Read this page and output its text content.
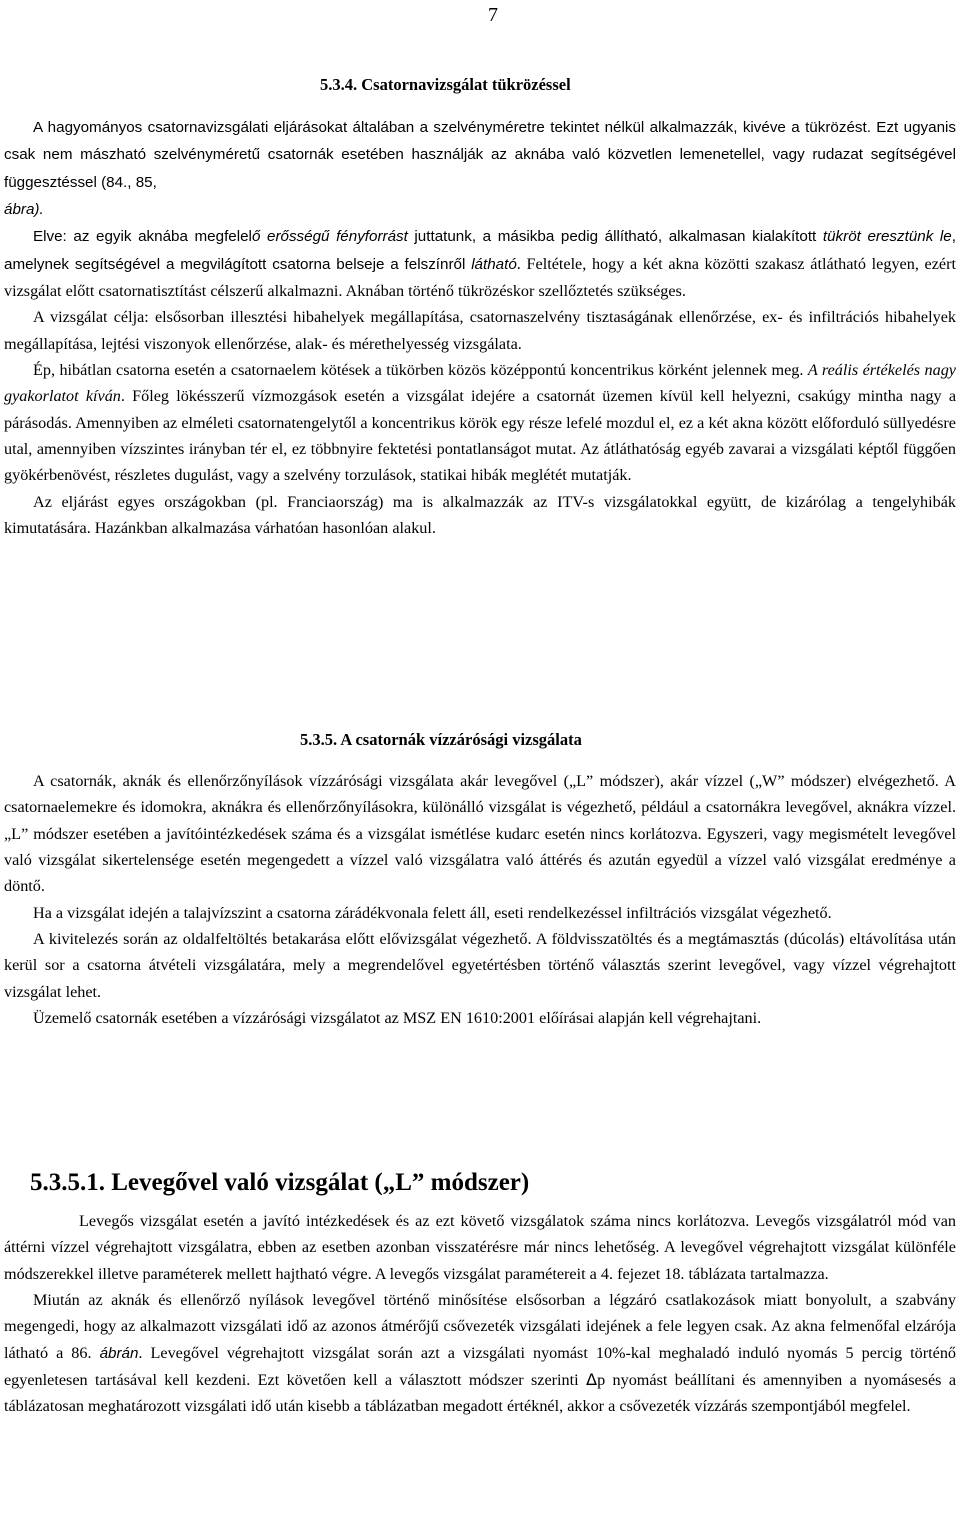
7
5.3.4. Csatornavizsgálat tükrözéssel

A hagyományos csatornavizsgálati eljárásokat általában a szelvényméretre tekintet nélkül alkalmazzák, kivéve a tükrözést. Ezt ugyanis csak nem mászható szelvényméretű csatornák esetében használják az aknába való közvetlen lemenetellel, vagy rudazat segítségével függesztéssel (84., 85,
ábra).

Elve: az egyik aknába megfelelő erősségű fényforrást juttatunk, a másikba pedig állítható, alkalmasan kialakított tükröt eresztünk le, amelynek segítségével a megvilágított csatorna belseje a felszínről látható. Feltétele, hogy a két akna közötti szakasz átlátható legyen, ezért vizsgálat előtt csatornatisztítást célszerű alkalmazni. Aknában történő tükrözéskor szellőztetés szükséges.

A vizsgálat célja: elsősorban illesztési hibahelyek megállapítása, csatornaszelvény tisztaságának ellenőrzése, ex- és infiltrációs hibahelyek megállapítása, lejtési viszonyok ellenőrzése, alak- és mérethelyesség vizsgálata.

Ép, hibátlan csatorna esetén a csatornaelem kötések a tükörben közös középpontú koncentrikus körként jelennek meg. A reális értékelés nagy gyakorlatot kíván. Főleg lökésszerű vízmozgások esetén a vizsgálat idejére a csatornát üzemen kívül kell helyezni, csakúgy mintha nagy a párásodás. Amennyiben az elméleti csatornatengelytől a koncentrikus körök egy része lefelé mozdul el, ez a két akna között előforduló süllyedésre utal, amennyiben vízszintes irányban tér el, ez többnyire fektetési pontatlanságot mutat. Az átláthatóság egyéb zavarai a vizsgálati képtől függően gyökérbenövést, részletes dugulást, vagy a szelvény torzulások, statikai hibák meglétét mutatják.

Az eljárást egyes országokban (pl. Franciaország) ma is alkalmazzák az ITV-s vizsgálatokkal együtt, de kizárólag a tengelyhibák kimutatására. Hazánkban alkalmazása várhatóan hasonlóan alakul.

5.3.5. A csatornák vízzárósági vizsgálata

A csatornák, aknák és ellenőrzőnyílások vízzárósági vizsgálata akár levegővel („L” módszer), akár vízzel („W” módszer) elvégezhető. A csatornaelemekre és idomokra, aknákra és ellenőrzőnyílásokra, különálló vizsgálat is végezhető, például a csatornákra levegővel, aknákra vízzel. „L” módszer esetében a javítóintézkedések száma és a vizsgálat ismétlése kudarc esetén nincs korlátozva. Egyszeri, vagy megismételt levegővel való vizsgálat sikertelensége esetén megengedett a vízzel való vizsgálatra való áttérés és azután egyedül a vízzel való vizsgálat eredménye a döntő.

Ha a vizsgálat idején a talajvízszint a csatorna zárádékvonala felett áll, eseti rendelkezéssel infiltrációs vizsgálat végezhető.

A kivitelezés során az oldalfeltöltés betakarása előtt elővizsgálat végezhető. A földvisszatöltés és a megtámasztás (dúcolás) eltávolítása után kerül sor a csatorna átvételi vizsgálatára, mely a megrendelővel egyetértésben történő választás szerint levegővel, vagy vízzel végrehajtott vizsgálat lehet.

Üzemelő csatornák esetében a vízzárósági vizsgálatot az MSZ EN 1610:2001 előírásai alapján kell végrehajtani.

5.3.5.1. Levegővel való vizsgálat („L” módszer)

Levegős vizsgálat esetén a javító intézkedések és az ezt követő vizsgálatok száma nincs korlátozva. Levegős vizsgálatról mód van áttérni vízzel végrehajtott vizsgálatra, ebben az esetben azonban visszatérésre már nincs lehetőség. A levegővel végrehajtott vizsgálat különféle módszerekkel illetve paraméterek mellett hajtható végre. A levegős vizsgálat paramétereit a 4. fejezet 18. táblázata tartalmazza.

Miután az aknák és ellenőrző nyílások levegővel történő minősítése elsősorban a légzáró csatlakozások miatt bonyolult, a szabvány megengedi, hogy az alkalmazott vizsgálati idő az azonos átmérőjű csővezeték vizsgálati idejének a fele legyen csak. Az akna felmenőfal elzárója látható a 86. ábrán. Levegővel végrehajtott vizsgálat során azt a vizsgálati nyomást 10%-kal meghaladó induló nyomás 5 percig történő egyenletesen tartásával kell kezdeni. Ezt követően kell a választott módszer szerinti Δp nyomást beállítani és amennyiben a nyomásesés a táblázatosan meghatározott vizsgálati idő után kisebb a táblázatban megadott értéknél, akkor a csővezeték vízzárás szempontjából megfelel.
